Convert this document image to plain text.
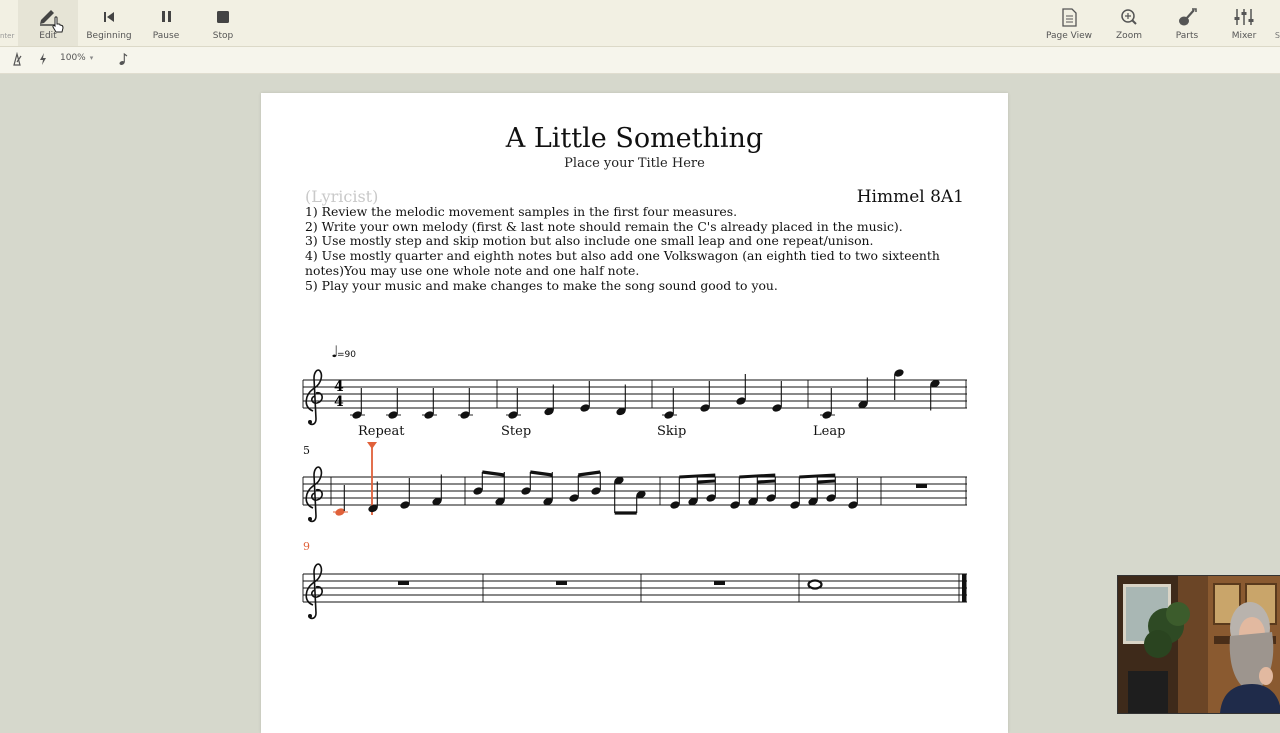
nter	Edit	Beginning	Pause	Stop	Page View	Zoom	Parts	Mixer	S
100% ▾
A Little Something
Place your Title Here
(Lyricist)	Himmel 8A1
1) Review the melodic movement samples in the first four measures.
2) Write your own melody (first & last note should remain the C's already placed in the music).
3) Use mostly step and skip motion but also include one small leap and one repeat/unison.
4) Use mostly quarter and eighth notes but also add one Volkswagon (an eighth tied to two sixteenth notes)You may use one whole note and one half note.
5) Play your music and make changes to make the song sound good to you.
♩
=90
4
4
Repeat	Step	Skip	Leap
5
9
